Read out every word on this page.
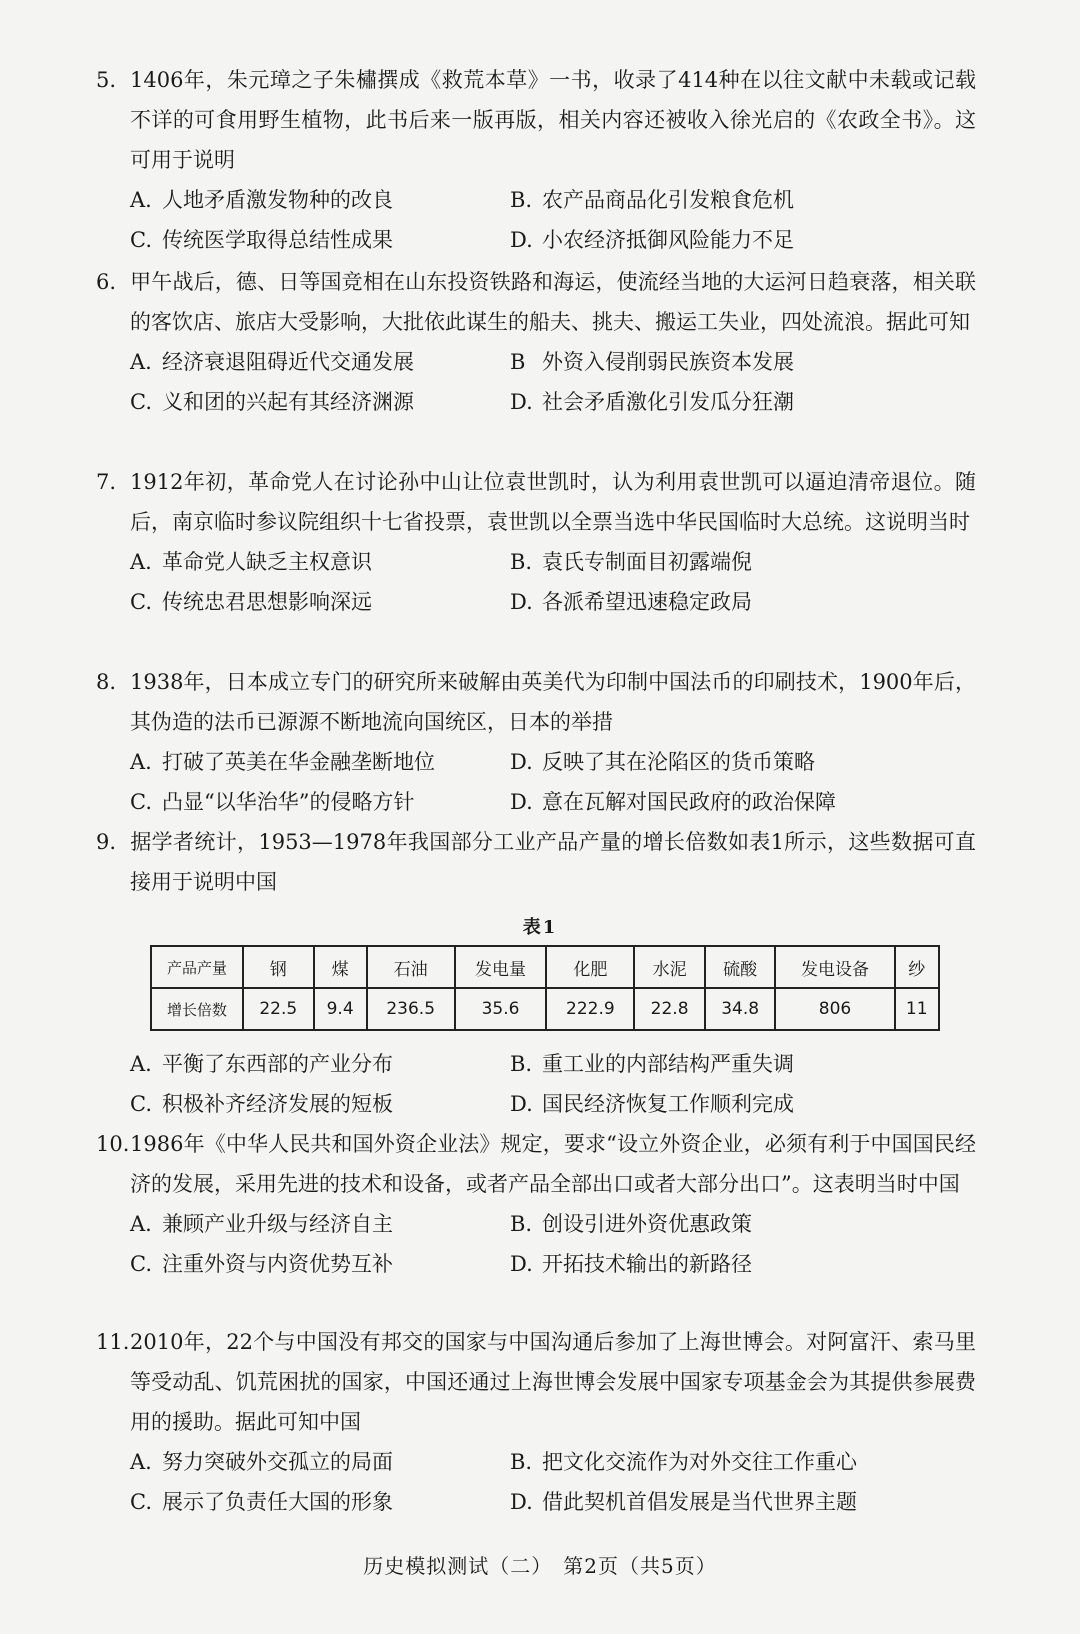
5. 1406年，朱元璋之子朱橚撰成《救荒本草》一书，收录了414种在以往文献中未载或记载不详的可食用野生植物，此书后来一版再版，相关内容还被收入徐光启的《农政全书》。这可用于说明

A. 人地矛盾激发物种的改良	B. 农产品商品化引发粮食危机
C. 传统医学取得总结性成果	D. 小农经济抵御风险能力不足

6. 甲午战后，德、日等国竞相在山东投资铁路和海运，使流经当地的大运河日趋衰落，相关联的客饮店、旅店大受影响，大批依此谋生的船夫、挑夫、搬运工失业，四处流浪。据此可知

A. 经济衰退阻碍近代交通发展	B 外资入侵削弱民族资本发展
C. 义和团的兴起有其经济渊源	D. 社会矛盾激化引发瓜分狂潮

7. 1912年初，革命党人在讨论孙中山让位袁世凯时，认为利用袁世凯可以逼迫清帝退位。随后，南京临时参议院组织十七省投票，袁世凯以全票当选中华民国临时大总统。这说明当时

A. 革命党人缺乏主权意识	B. 袁氏专制面目初露端倪
C. 传统忠君思想影响深远	D. 各派希望迅速稳定政局

8. 1938年，日本成立专门的研究所来破解由英美代为印制中国法币的印刷技术，1900年后，其伪造的法币已源源不断地流向国统区，日本的举措

A. 打破了英美在华金融垄断地位	D. 反映了其在沦陷区的货币策略
C. 凸显“以华治华”的侵略方针	D. 意在瓦解对国民政府的政治保障

9. 据学者统计，1953—1978年我国部分工业产品产量的增长倍数如表1所示，这些数据可直接用于说明中国

表1
产品产量	钢	煤	石油	发电量	化肥	水泥	硫酸	发电设备	纱
增长倍数	22.5	9.4	236.5	35.6	222.9	22.8	34.8	806	11
A. 平衡了东西部的产业分布	B. 重工业的内部结构严重失调
C. 积极补齐经济发展的短板	D. 国民经济恢复工作顺利完成

10.1986年《中华人民共和国外资企业法》规定，要求“设立外资企业，必须有利于中国国民经济的发展，采用先进的技术和设备，或者产品全部出口或者大部分出口”。这表明当时中国

A. 兼顾产业升级与经济自主	B. 创设引进外资优惠政策
C. 注重外资与内资优势互补	D. 开拓技术输出的新路径

11.2010年，22个与中国没有邦交的国家与中国沟通后参加了上海世博会。对阿富汗、索马里等受动乱、饥荒困扰的国家，中国还通过上海世博会发展中国家专项基金会为其提供参展费用的援助。据此可知中国

A. 努力突破外交孤立的局面	B. 把文化交流作为对外交往工作重心
C. 展示了负责任大国的形象	D. 借此契机首倡发展是当代世界主题
历史模拟测试（二）　第2页（共5页）
